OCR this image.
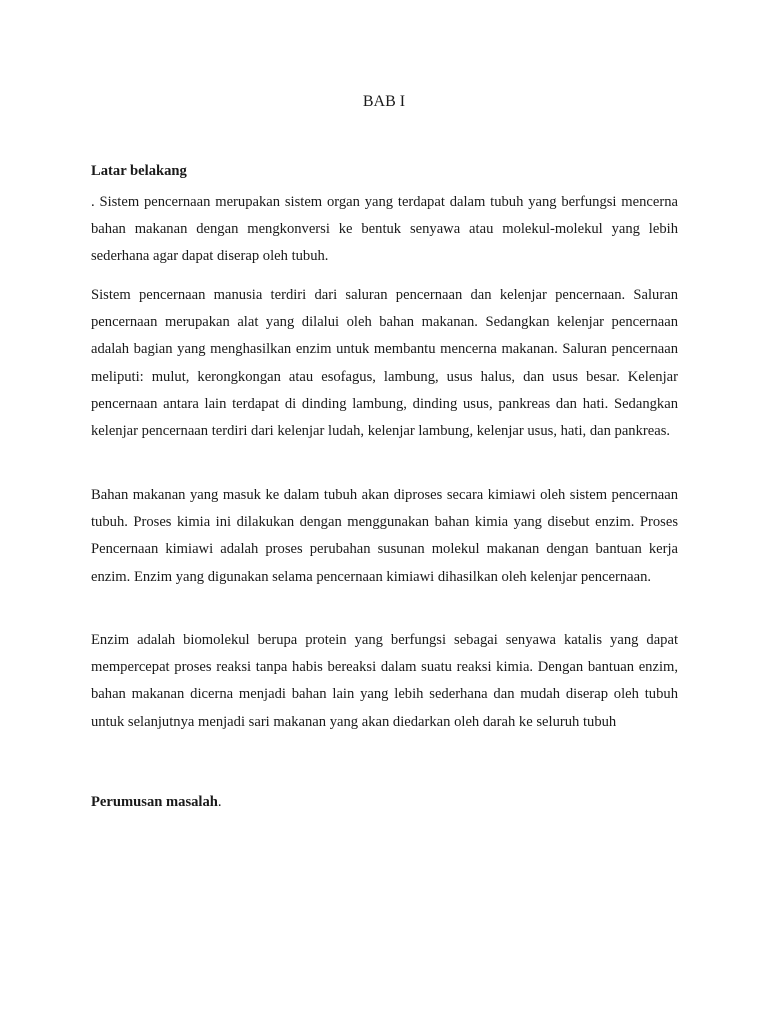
BAB I
Latar belakang

. Sistem pencernaan merupakan sistem organ yang terdapat dalam tubuh yang berfungsi mencerna bahan makanan dengan mengkonversi ke bentuk senyawa atau molekul-molekul yang lebih sederhana agar dapat diserap oleh tubuh.

Sistem pencernaan manusia terdiri dari saluran pencernaan dan kelenjar pencernaan. Saluran pencernaan merupakan alat yang dilalui oleh bahan makanan. Sedangkan kelenjar pencernaan adalah bagian yang menghasilkan enzim untuk membantu mencerna makanan. Saluran pencernaan meliputi: mulut, kerongkongan atau esofagus, lambung, usus halus, dan usus besar. Kelenjar pencernaan antara lain terdapat di dinding lambung, dinding usus, pankreas dan hati. Sedangkan kelenjar pencernaan terdiri dari kelenjar ludah, kelenjar lambung, kelenjar usus, hati, dan pankreas.

Bahan makanan yang masuk ke dalam tubuh akan diproses secara kimiawi oleh sistem pencernaan tubuh. Proses kimia ini dilakukan dengan menggunakan bahan kimia yang disebut enzim. Proses Pencernaan kimiawi adalah proses perubahan susunan molekul makanan dengan bantuan kerja enzim. Enzim yang digunakan selama pencernaan kimiawi dihasilkan oleh kelenjar pencernaan.

Enzim adalah biomolekul berupa protein yang berfungsi sebagai senyawa katalis yang dapat mempercepat proses reaksi tanpa habis bereaksi dalam suatu reaksi kimia. Dengan bantuan enzim, bahan makanan dicerna menjadi bahan lain yang lebih sederhana dan mudah diserap oleh tubuh untuk selanjutnya menjadi sari makanan yang akan diedarkan oleh darah ke seluruh tubuh

Perumusan masalah.
